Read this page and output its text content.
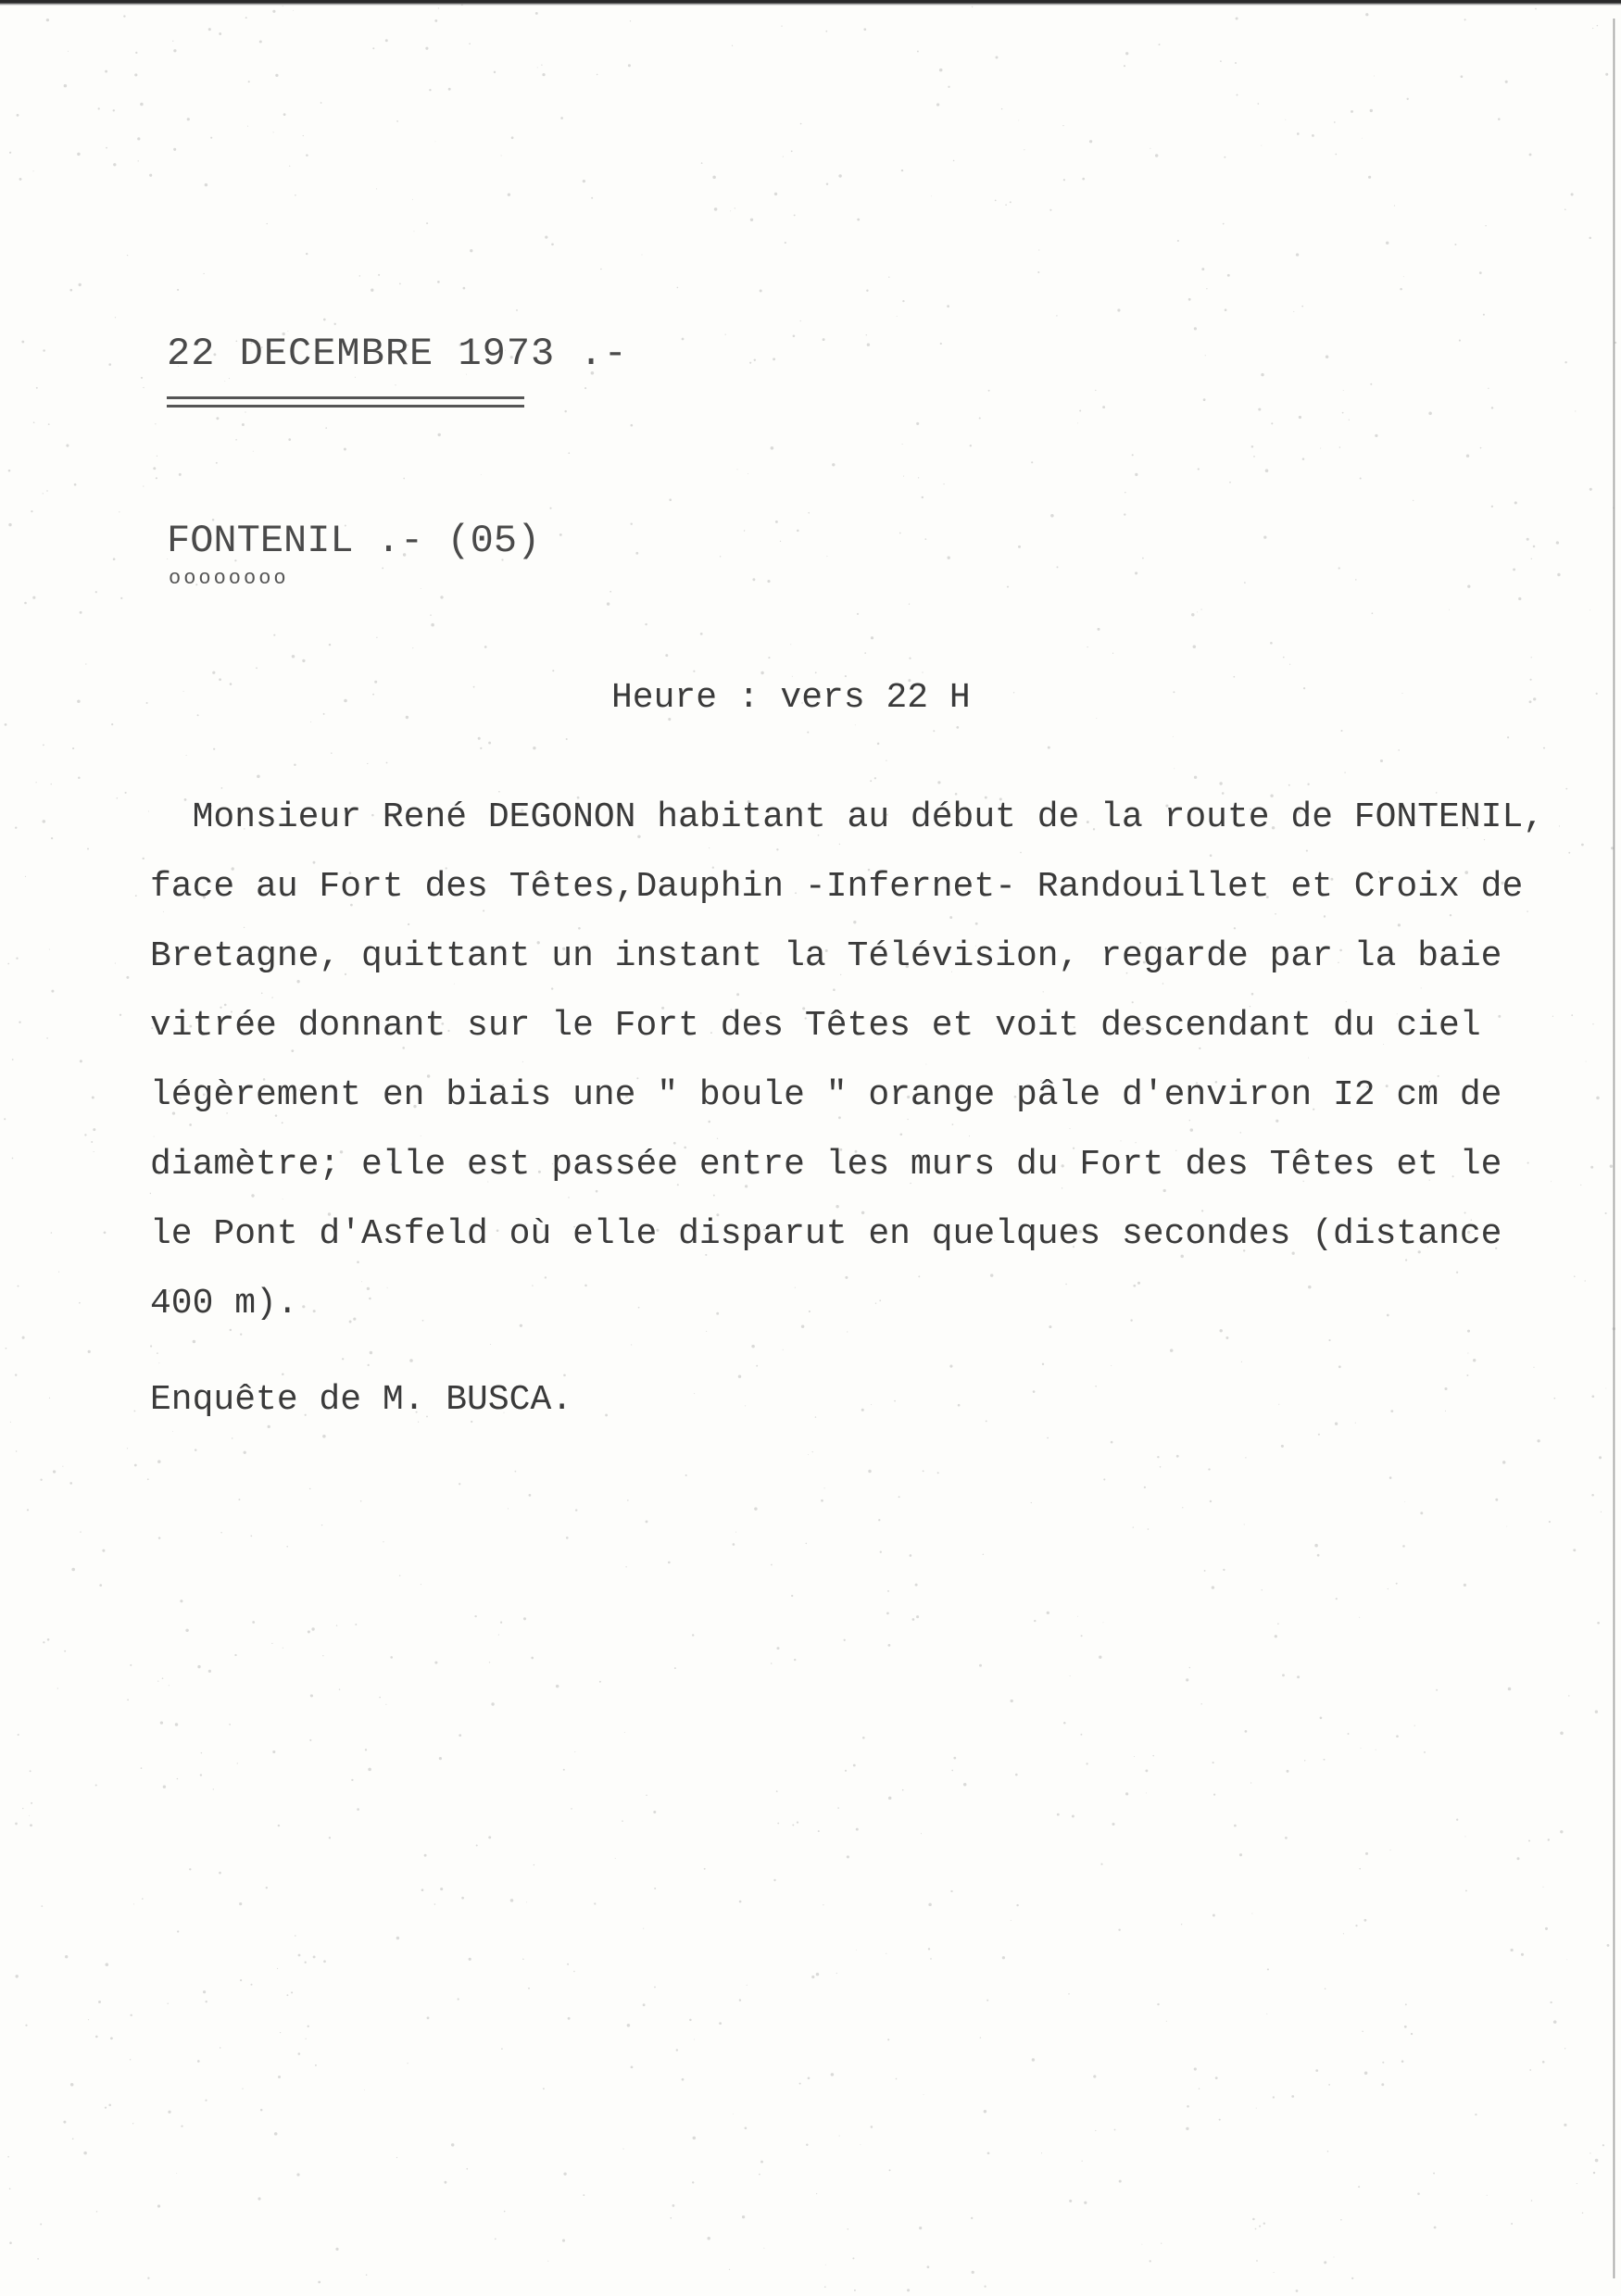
22 DECEMBRE 1973 .-
FONTENIL .- (05)
oooooooo
Heure : vers 22 H
Monsieur René DEGONON habitant au début de la route de FONTENIL,
face au Fort des Têtes,Dauphin -Infernet- Randouillet et Croix de
Bretagne, quittant un instant la Télévision, regarde par la baie
vitrée donnant sur le Fort des Têtes et voit descendant du ciel
légèrement en biais une " boule " orange pâle d'environ I2 cm de
diamètre; elle est passée entre les murs du Fort des Têtes et le
le Pont d'Asfeld où elle disparut en quelques secondes (distance
400 m).
Enquête de M. BUSCA.
